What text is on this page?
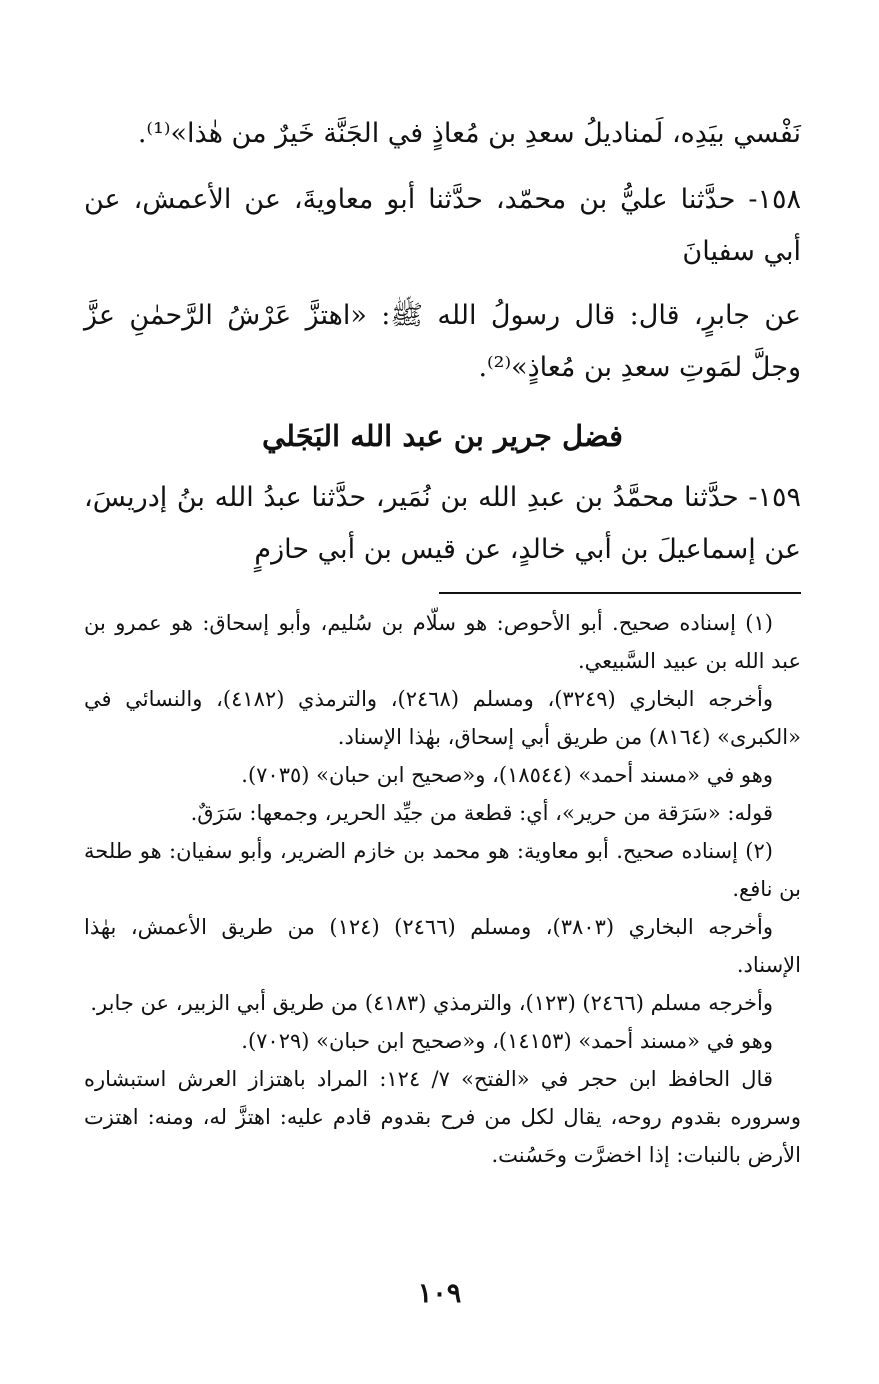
نَفْسي بيَدِه، لَمناديلُ سعدِ بن مُعاذٍ في الجَنَّة خَيرٌ من هٰذا»⁽¹⁾.

١٥٨- حدَّثنا عليُّ بن محمّد، حدَّثنا أبو معاويةَ، عن الأعمش، عن أبي سفيانَ

عن جابرٍ، قال: قال رسولُ الله ﷺ: «اهتزَّ عَرْشُ الرَّحمٰنِ عزَّ وجلَّ لمَوتِ سعدِ بن مُعاذٍ»⁽²⁾.

فضل جرير بن عبد الله البَجَلي

١٥٩- حدَّثنا محمَّدُ بن عبدِ الله بن نُمَير، حدَّثنا عبدُ الله بنُ إدريسَ، عن إسماعيلَ بن أبي خالدٍ، عن قيس بن أبي حازمٍ

(١) إسناده صحيح. أبو الأحوص: هو سلّام بن سُليم، وأبو إسحاق: هو عمرو بن عبد الله بن عبيد السَّبيعي.

وأخرجه البخاري (٣٢٤٩)، ومسلم (٢٤٦٨)، والترمذي (٤١٨٢)، والنسائي في «الكبرى» (٨١٦٤) من طريق أبي إسحاق، بهٰذا الإسناد.

وهو في «مسند أحمد» (١٨٥٤٤)، و«صحيح ابن حبان» (٧٠٣٥).

قوله: «سَرَقة من حرير»، أي: قطعة من جيِّد الحرير، وجمعها: سَرَقٌ.

(٢) إسناده صحيح. أبو معاوية: هو محمد بن خازم الضرير، وأبو سفيان: هو طلحة بن نافع.

وأخرجه البخاري (٣٨٠٣)، ومسلم (٢٤٦٦) (١٢٤) من طريق الأعمش، بهٰذا الإسناد.

وأخرجه مسلم (٢٤٦٦) (١٢٣)، والترمذي (٤١٨٣) من طريق أبي الزبير، عن جابر.

وهو في «مسند أحمد» (١٤١٥٣)، و«صحيح ابن حبان» (٧٠٢٩).

قال الحافظ ابن حجر في «الفتح» ٧/ ١٢٤: المراد باهتزاز العرش استبشاره وسروره بقدوم روحه، يقال لكل من فرح بقدوم قادم عليه: اهتزَّ له، ومنه: اهتزت الأرض بالنبات: إذا اخضرَّت وحَسُنت.

١٠٩
